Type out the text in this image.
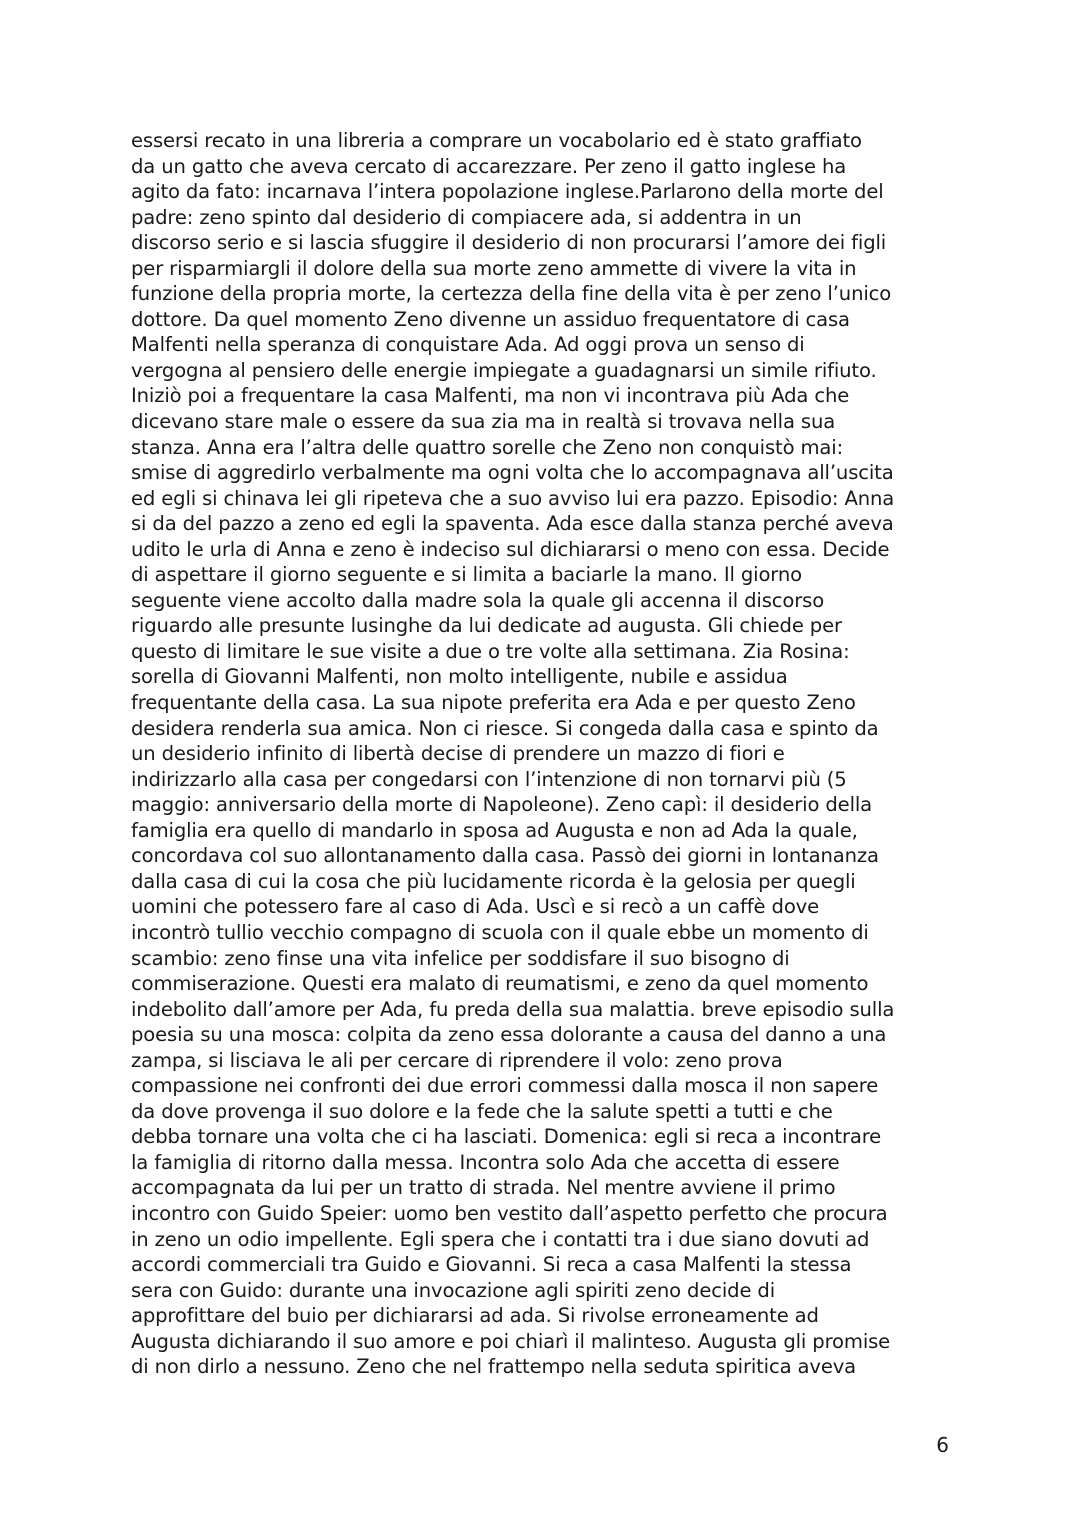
essersi recato in una libreria a comprare un vocabolario ed è stato graffiato
da un gatto che aveva cercato di accarezzare. Per zeno il gatto inglese ha
agito da fato: incarnava l’intera popolazione inglese.Parlarono della morte del
padre: zeno spinto dal desiderio di compiacere ada, si addentra in un
discorso serio e si lascia sfuggire il desiderio di non procurarsi l’amore dei figli
per risparmiargli il dolore della sua morte zeno ammette di vivere la vita in
funzione della propria morte, la certezza della fine della vita è per zeno l’unico
dottore. Da quel momento Zeno divenne un assiduo frequentatore di casa
Malfenti nella speranza di conquistare Ada. Ad oggi prova un senso di
vergogna al pensiero delle energie impiegate a guadagnarsi un simile rifiuto.
Iniziò poi a frequentare la casa Malfenti, ma non vi incontrava più Ada che
dicevano stare male o essere da sua zia ma in realtà si trovava nella sua
stanza. Anna era l’altra delle quattro sorelle che Zeno non conquistò mai:
smise di aggredirlo verbalmente ma ogni volta che lo accompagnava all’uscita
ed egli si chinava lei gli ripeteva che a suo avviso lui era pazzo. Episodio: Anna
si da del pazzo a zeno ed egli la spaventa. Ada esce dalla stanza perché aveva
udito le urla di Anna e zeno è indeciso sul dichiararsi o meno con essa. Decide
di aspettare il giorno seguente e si limita a baciarle la mano. Il giorno
seguente viene accolto dalla madre sola la quale gli accenna il discorso
riguardo alle presunte lusinghe da lui dedicate ad augusta. Gli chiede per
questo di limitare le sue visite a due o tre volte alla settimana. Zia Rosina:
sorella di Giovanni Malfenti, non molto intelligente, nubile e assidua
frequentante della casa. La sua nipote preferita era Ada e per questo Zeno
desidera renderla sua amica. Non ci riesce. Si congeda dalla casa e spinto da
un desiderio infinito di libertà decise di prendere un mazzo di fiori e
indirizzarlo alla casa per congedarsi con l’intenzione di non tornarvi più (5
maggio: anniversario della morte di Napoleone). Zeno capì: il desiderio della
famiglia era quello di mandarlo in sposa ad Augusta e non ad Ada la quale,
concordava col suo allontanamento dalla casa. Passò dei giorni in lontananza
dalla casa di cui la cosa che più lucidamente ricorda è la gelosia per quegli
uomini che potessero fare al caso di Ada. Uscì e si recò a un caffè dove
incontrò tullio vecchio compagno di scuola con il quale ebbe un momento di
scambio: zeno finse una vita infelice per soddisfare il suo bisogno di
commiserazione. Questi era malato di reumatismi, e zeno da quel momento
indebolito dall’amore per Ada, fu preda della sua malattia. breve episodio sulla
poesia su una mosca: colpita da zeno essa dolorante a causa del danno a una
zampa, si lisciava le ali per cercare di riprendere il volo: zeno prova
compassione nei confronti dei due errori commessi dalla mosca il non sapere
da dove provenga il suo dolore e la fede che la salute spetti a tutti e che
debba tornare una volta che ci ha lasciati. Domenica: egli si reca a incontrare
la famiglia di ritorno dalla messa. Incontra solo Ada che accetta di essere
accompagnata da lui per un tratto di strada. Nel mentre avviene il primo
incontro con Guido Speier: uomo ben vestito dall’aspetto perfetto che procura
in zeno un odio impellente. Egli spera che i contatti tra i due siano dovuti ad
accordi commerciali tra Guido e Giovanni. Si reca a casa Malfenti la stessa
sera con Guido: durante una invocazione agli spiriti zeno decide di
approfittare del buio per dichiararsi ad ada. Si rivolse erroneamente ad
Augusta dichiarando il suo amore e poi chiarì il malinteso. Augusta gli promise
di non dirlo a nessuno. Zeno che nel frattempo nella seduta spiritica aveva
6
